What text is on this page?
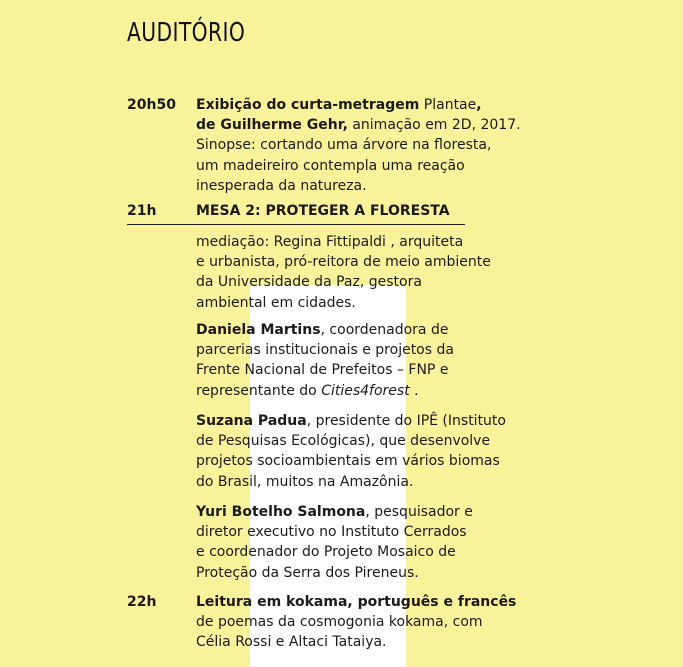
AUDITÓRIO
20h50 Exibição do curta-metragem Plantae,
de Guilherme Gehr, animação em 2D, 2017.
Sinopse: cortando uma árvore na floresta,
um madeireiro contempla uma reação
inesperada da natureza.
21h	MESA 2: PROTEGER A FLORESTA
mediação: Regina Fittipaldi , arquiteta
e urbanista, pró-reitora de meio ambiente
da Universidade da Paz, gestora
ambiental em cidades.
Daniela Martins, coordenadora de
parcerias institucionais e projetos da
Frente Nacional de Prefeitos – FNP e
representante do Cities4forest .
Suzana Padua, presidente do IPÊ (Instituto
de Pesquisas Ecológicas), que desenvolve
projetos socioambientais em vários biomas
do Brasil, muitos na Amazônia.
Yuri Botelho Salmona, pesquisador e
diretor executivo no Instituto Cerrados
e coordenador do Projeto Mosaico de
Proteção da Serra dos Pireneus.
22h	Leitura em kokama, português e francês
de poemas da cosmogonia kokama, com
Célia Rossi e Altaci Tataiya.
